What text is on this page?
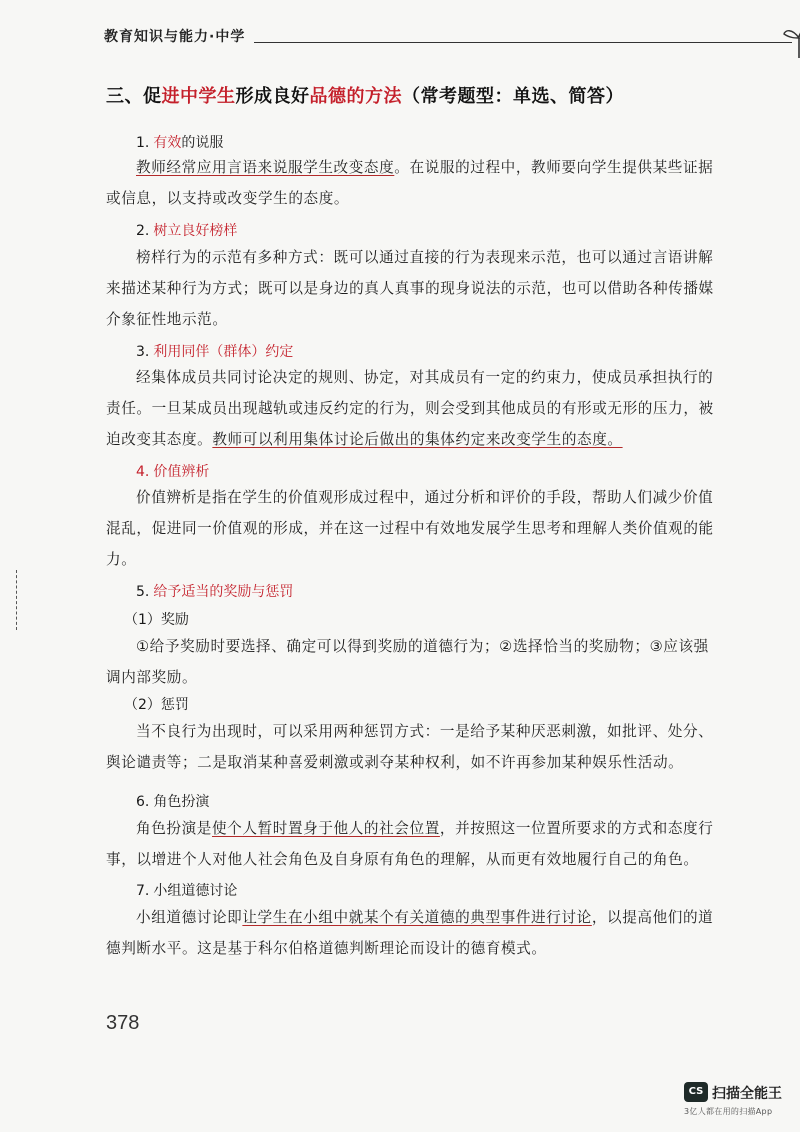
教育知识与能力·中学
三、促进中学生形成良好品德的方法（常考题型：单选、简答）
1. 有效的说服
教师经常应用言语来说服学生改变态度。在说服的过程中，教师要向学生提供某些证据或信息，以支持或改变学生的态度。
2. 树立良好榜样
榜样行为的示范有多种方式：既可以通过直接的行为表现来示范，也可以通过言语讲解来描述某种行为方式；既可以是身边的真人真事的现身说法的示范，也可以借助各种传播媒介象征性地示范。
3. 利用同伴（群体）约定
经集体成员共同讨论决定的规则、协定，对其成员有一定的约束力，使成员承担执行的责任。一旦某成员出现越轨或违反约定的行为，则会受到其他成员的有形或无形的压力，被迫改变其态度。教师可以利用集体讨论后做出的集体约定来改变学生的态度。
4. 价值辨析
价值辨析是指在学生的价值观形成过程中，通过分析和评价的手段，帮助人们减少价值混乱，促进同一价值观的形成，并在这一过程中有效地发展学生思考和理解人类价值观的能力。
5. 给予适当的奖励与惩罚
（1）奖励
①给予奖励时要选择、确定可以得到奖励的道德行为；②选择恰当的奖励物；③应该强调内部奖励。
（2）惩罚
当不良行为出现时，可以采用两种惩罚方式：一是给予某种厌恶刺激，如批评、处分、舆论谴责等；二是取消某种喜爱刺激或剥夺某种权利，如不许再参加某种娱乐性活动。
6. 角色扮演
角色扮演是使个人暂时置身于他人的社会位置，并按照这一位置所要求的方式和态度行事，以增进个人对他人社会角色及自身原有角色的理解，从而更有效地履行自己的角色。
7. 小组道德讨论
小组道德讨论即让学生在小组中就某个有关道德的典型事件进行讨论，以提高他们的道德判断水平。这是基于科尔伯格道德判断理论而设计的德育模式。
378
CS 扫描全能王
3亿人都在用的扫描App
